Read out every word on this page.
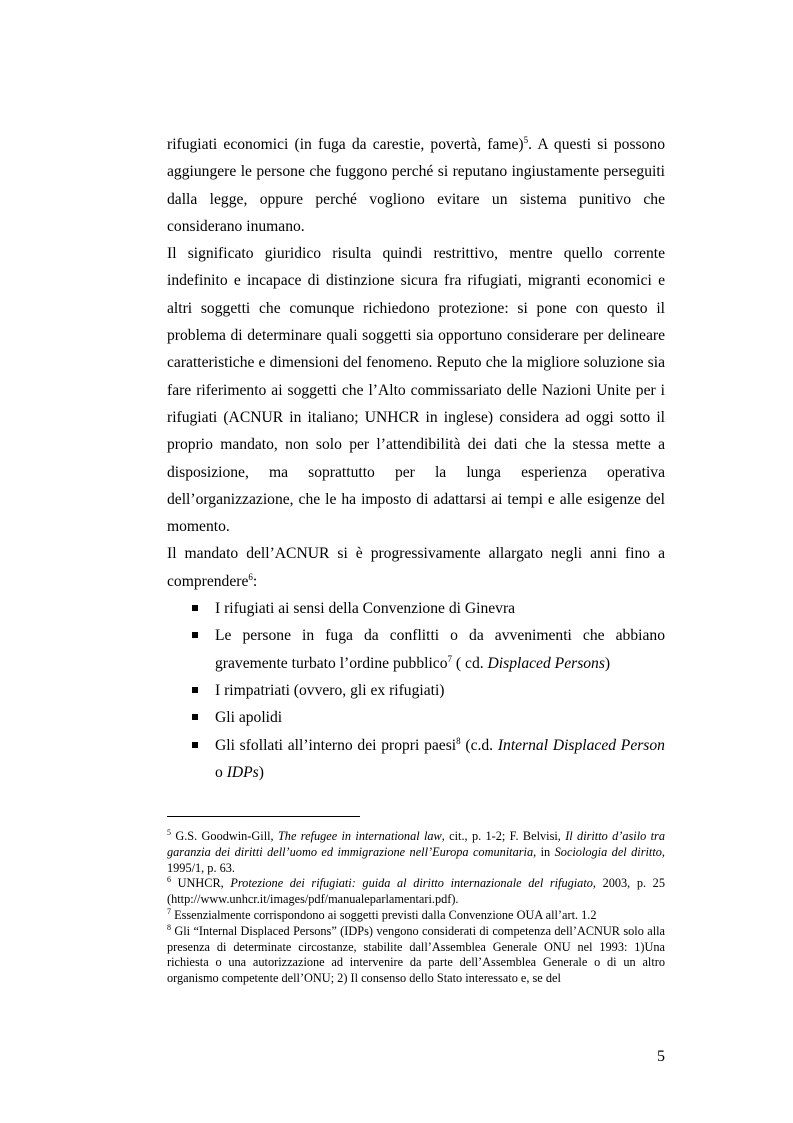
rifugiati economici (in fuga da carestie, povertà, fame)$^5$. A questi si possono aggiungere le persone che fuggono perché si reputano ingiustamente perseguiti dalla legge, oppure perché vogliono evitare un sistema punitivo che considerano inumano.

Il significato giuridico risulta quindi restrittivo, mentre quello corrente indefinito e incapace di distinzione sicura fra rifugiati, migranti economici e altri soggetti che comunque richiedono protezione: si pone con questo il problema di determinare quali soggetti sia opportuno considerare per delineare caratteristiche e dimensioni del fenomeno. Reputo che la migliore soluzione sia fare riferimento ai soggetti che l’Alto commissariato delle Nazioni Unite per i rifugiati (ACNUR in italiano; UNHCR in inglese) considera ad oggi sotto il proprio mandato, non solo per l’attendibilità dei dati che la stessa mette a disposizione, ma soprattutto per la lunga esperienza operativa dell’organizzazione, che le ha imposto di adattarsi ai tempi e alle esigenze del momento.

Il mandato dell’ACNUR si è progressivamente allargato negli anni fino a comprendere$^6$:

I rifugiati ai sensi della Convenzione di Ginevra
Le persone in fuga da conflitti o da avvenimenti che abbiano gravemente turbato l’ordine pubblico$^7$ ( cd. Displaced Persons)
I rimpatriati (ovvero, gli ex rifugiati)
Gli apolidi
Gli sfollati all’interno dei propri paesi$^8$ (c.d. Internal Displaced Person o IDPs)

$^5$ G.S. Goodwin-Gill, The refugee in international law, cit., p. 1-2; F. Belvisi, Il diritto d’asilo tra garanzia dei diritti dell’uomo ed immigrazione nell’Europa comunitaria, in Sociologia del diritto, 1995/1, p. 63.

$^6$ UNHCR, Protezione dei rifugiati: guida al diritto internazionale del rifugiato, 2003, p. 25 (http://www.unhcr.it/images/pdf/manualeparlamentari.pdf).

$^7$ Essenzialmente corrispondono ai soggetti previsti dalla Convenzione OUA all’art. 1.2

$^8$ Gli “Internal Displaced Persons” (IDPs) vengono considerati di competenza dell’ACNUR solo alla presenza di determinate circostanze, stabilite dall’Assemblea Generale ONU nel 1993: 1)Una richiesta o una autorizzazione ad intervenire da parte dell’Assemblea Generale o di un altro organismo competente dell’ONU; 2) Il consenso dello Stato interessato e, se del

5
